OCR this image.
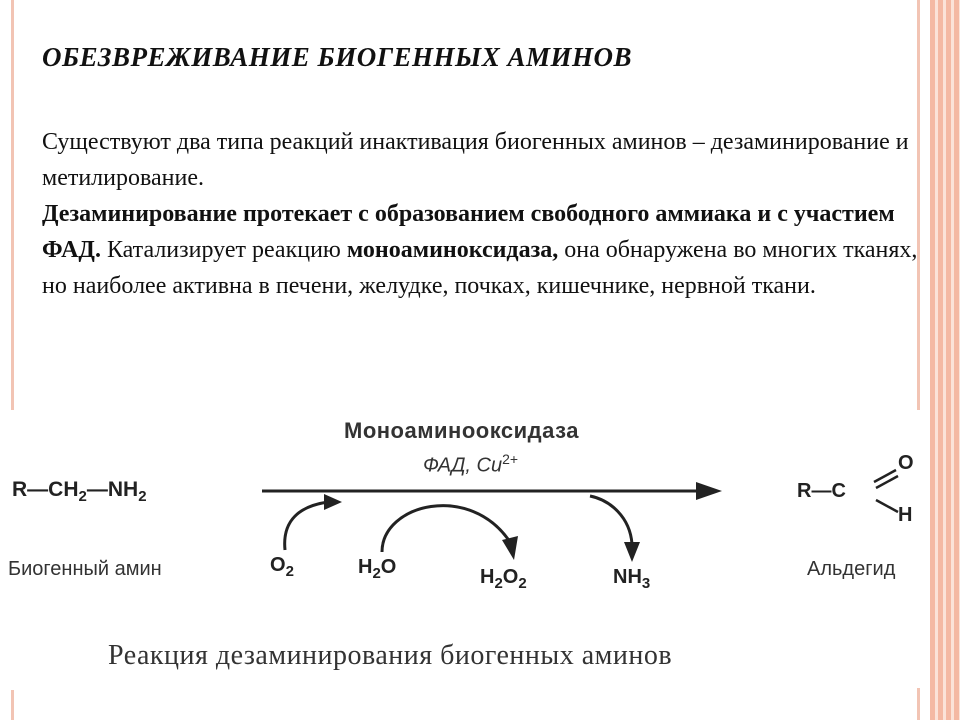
ОБЕЗВРЕЖИВАНИЕ БИОГЕННЫХ АМИНОВ

Существуют два типа реакций инактивация биогенных аминов – дезаминирование и метилирование.

Дезаминирование протекает с образованием свободного аммиака и с участием ФАД. Катализирует реакцию моноаминоксидаза, она обнаружена во многих тканях, но наиболее активна в печени, желудке, почках, кишечнике, нервной ткани.

Моноаминооксидаза
ФАД, $Cu^{2+}$
$R—CH_2—NH_2$
Биогенный амин	$O_2$	$H_2O$	$H_2O_2$	$NH_3$
R—C
O
H
Альдегид
Реакция дезаминирования биогенных аминов
